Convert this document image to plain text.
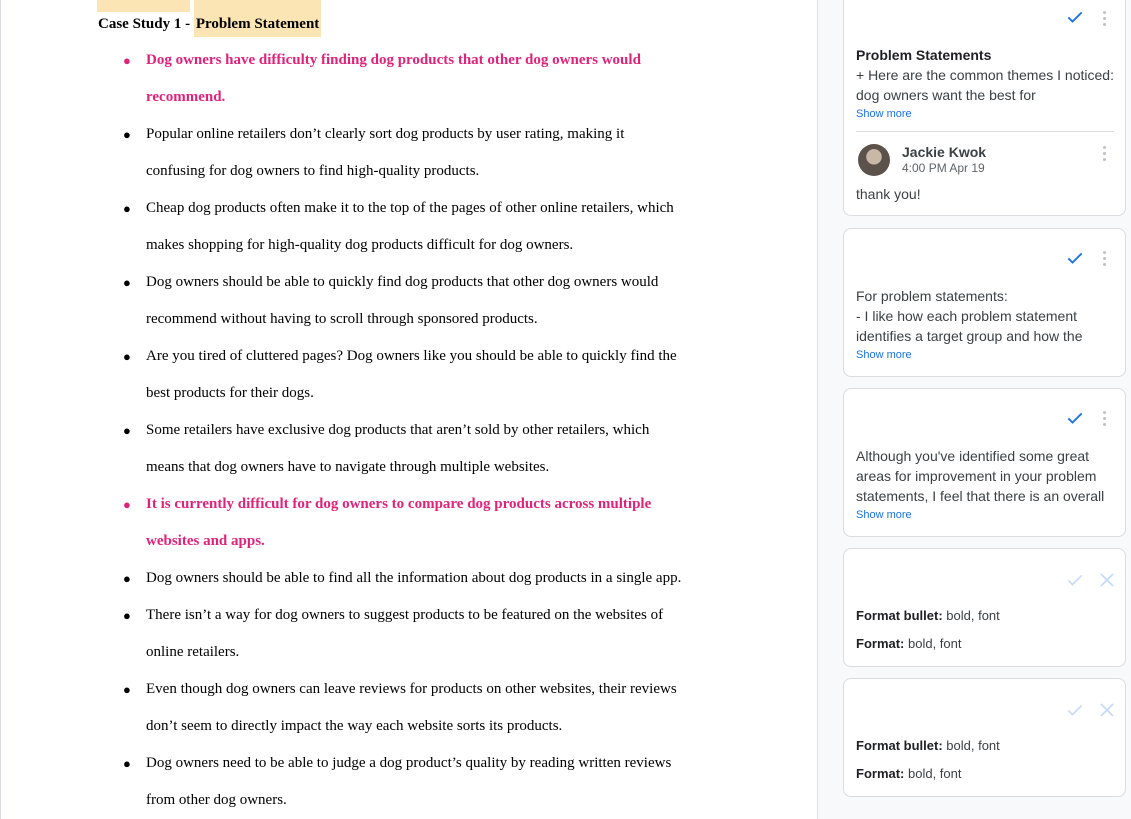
Case Study 1 - Problem Statement
● Dog owners have difficulty finding dog products that other dog owners would
recommend.
● Popular online retailers don’t clearly sort dog products by user rating, making it
confusing for dog owners to find high-quality products.
● Cheap dog products often make it to the top of the pages of other online retailers, which
makes shopping for high-quality dog products difficult for dog owners.
● Dog owners should be able to quickly find dog products that other dog owners would
recommend without having to scroll through sponsored products.
● Are you tired of cluttered pages? Dog owners like you should be able to quickly find the
best products for their dogs.
● Some retailers have exclusive dog products that aren’t sold by other retailers, which
means that dog owners have to navigate through multiple websites.
● It is currently difficult for dog owners to compare dog products across multiple
websites and apps.
● Dog owners should be able to find all the information about dog products in a single app.
● There isn’t a way for dog owners to suggest products to be featured on the websites of
online retailers.
● Even though dog owners can leave reviews for products on other websites, their reviews
don’t seem to directly impact the way each website sorts its products.
● Dog owners need to be able to judge a dog product’s quality by reading written reviews
from other dog owners.
Problem Statements
+ Here are the common themes I noticed: dog owners want the best for
Show more
Jackie Kwok
4:00 PM Apr 19
thank you!
For problem statements:
- I like how each problem statement identifies a target group and how the
Show more
Although you've identified some great areas for improvement in your problem statements, I feel that there is an overall
Show more
Format bullet: bold, font
Format: bold, font
Format bullet: bold, font
Format: bold, font
